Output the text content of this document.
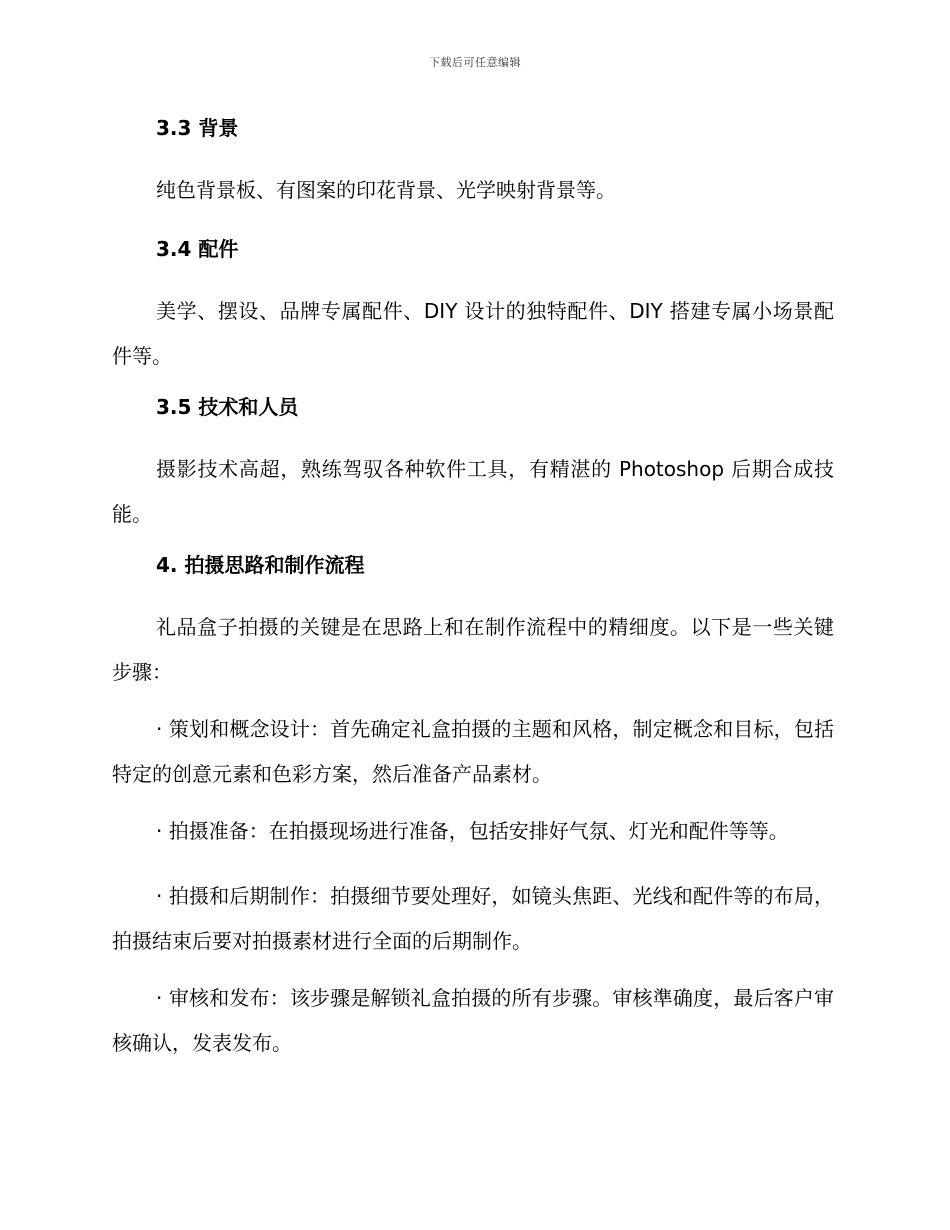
下载后可任意编辑
3.3 背景
纯色背景板、有图案的印花背景、光学映射背景等。
3.4 配件
美学、摆设、品牌专属配件、DIY 设计的独特配件、DIY 搭建专属小场景配件等。
3.5 技术和人员
摄影技术高超，熟练驾驭各种软件工具，有精湛的 Photoshop 后期合成技能。
4. 拍摄思路和制作流程
礼品盒子拍摄的关键是在思路上和在制作流程中的精细度。以下是一些关键步骤：
· 策划和概念设计：首先确定礼盒拍摄的主题和风格，制定概念和目标，包括特定的创意元素和色彩方案，然后准备产品素材。
· 拍摄准备：在拍摄现场进行准备，包括安排好气氛、灯光和配件等等。
· 拍摄和后期制作：拍摄细节要处理好，如镜头焦距、光线和配件等的布局，拍摄结束后要对拍摄素材进行全面的后期制作。
· 审核和发布：该步骤是解锁礼盒拍摄的所有步骤。审核準确度，最后客户审核确认，发表发布。
